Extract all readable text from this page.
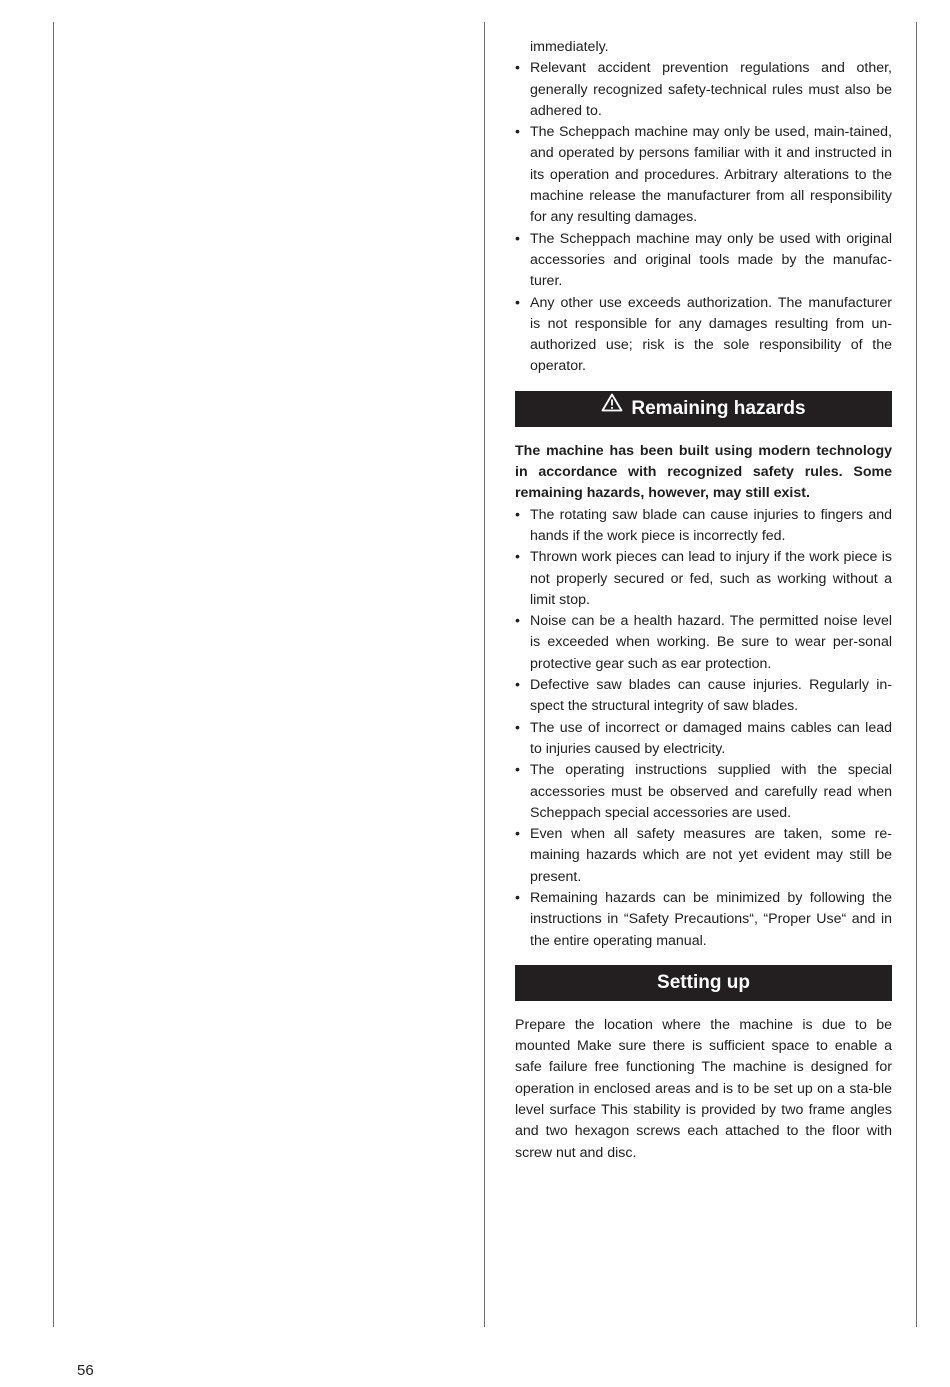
immediately.

• Relevant accident prevention regulations and other, generally recognized safety-technical rules must also be adhered to.
• The Scheppach machine may only be used, main-tained, and operated by persons familiar with it and instructed in its operation and procedures. Arbitrary alterations to the machine release the manufacturer from all responsibility for any resulting damages.
• The Scheppach machine may only be used with original accessories and original tools made by the manufac-turer.
• Any other use exceeds authorization. The manufacturer is not responsible for any damages resulting from un-authorized use; risk is the sole responsibility of the operator.
Remaining hazards

The machine has been built using modern technology in accordance with recognized safety rules. Some remaining hazards, however, may still exist.

• The rotating saw blade can cause injuries to fingers and hands if the work piece is incorrectly fed.
• Thrown work pieces can lead to injury if the work piece is not properly secured or fed, such as working without a limit stop.
• Noise can be a health hazard. The permitted noise level is exceeded when working. Be sure to wear per-sonal protective gear such as ear protection.
• Defective saw blades can cause injuries. Regularly in-spect the structural integrity of saw blades.
• The use of incorrect or damaged mains cables can lead to injuries caused by electricity.
• The operating instructions supplied with the special accessories must be observed and carefully read when Scheppach special accessories are used.
• Even when all safety measures are taken, some re-maining hazards which are not yet evident may still be present.
• Remaining hazards can be minimized by following the instructions in “Safety Precautions“, “Proper Use“ and in the entire operating manual.
Setting up

Prepare the location where the machine is due to be mounted Make sure there is sufficient space to enable a safe failure free functioning The machine is designed for operation in enclosed areas and is to be set up on a sta-ble level surface This stability is provided by two frame angles and two hexagon screws each attached to the floor with screw nut and disc.

56
